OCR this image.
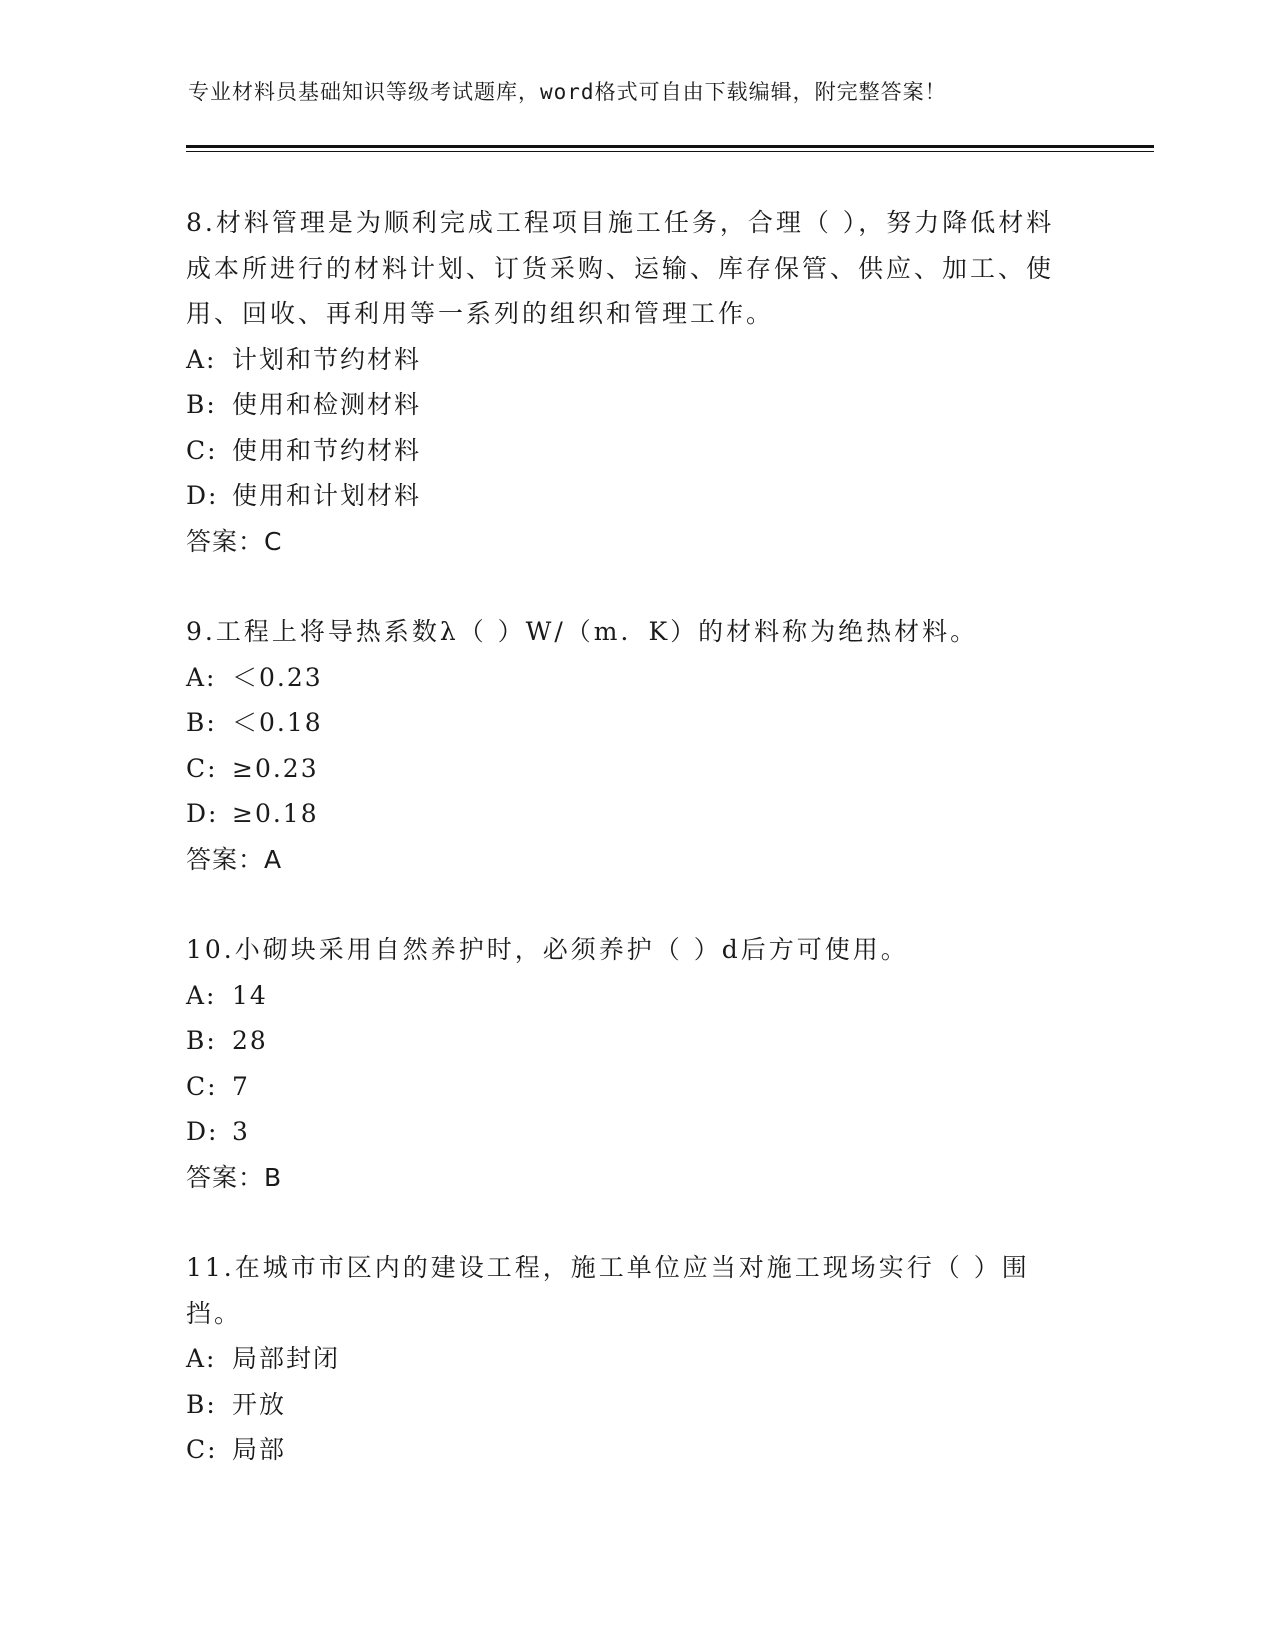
专业材料员基础知识等级考试题库，word格式可自由下载编辑，附完整答案！

8.材料管理是为顺利完成工程项目施工任务，合理（ ），努力降低材料成本所进行的材料计划、订货采购、运输、库存保管、供应、加工、使用、回收、再利用等一系列的组织和管理工作。

A: 计划和节约材料

B: 使用和检测材料

C: 使用和节约材料

D: 使用和计划材料

答案：C

9.工程上将导热系数λ（ ）W/（m．K）的材料称为绝热材料。

A: ＜0.23

B: ＜0.18

C: ≥0.23

D: ≥0.18

答案：A

10.小砌块采用自然养护时，必须养护（ ）d后方可使用。

A: 14

B: 28

C: 7

D: 3

答案：B

11.在城市市区内的建设工程，施工单位应当对施工现场实行（ ）围挡。

A: 局部封闭

B: 开放

C: 局部
